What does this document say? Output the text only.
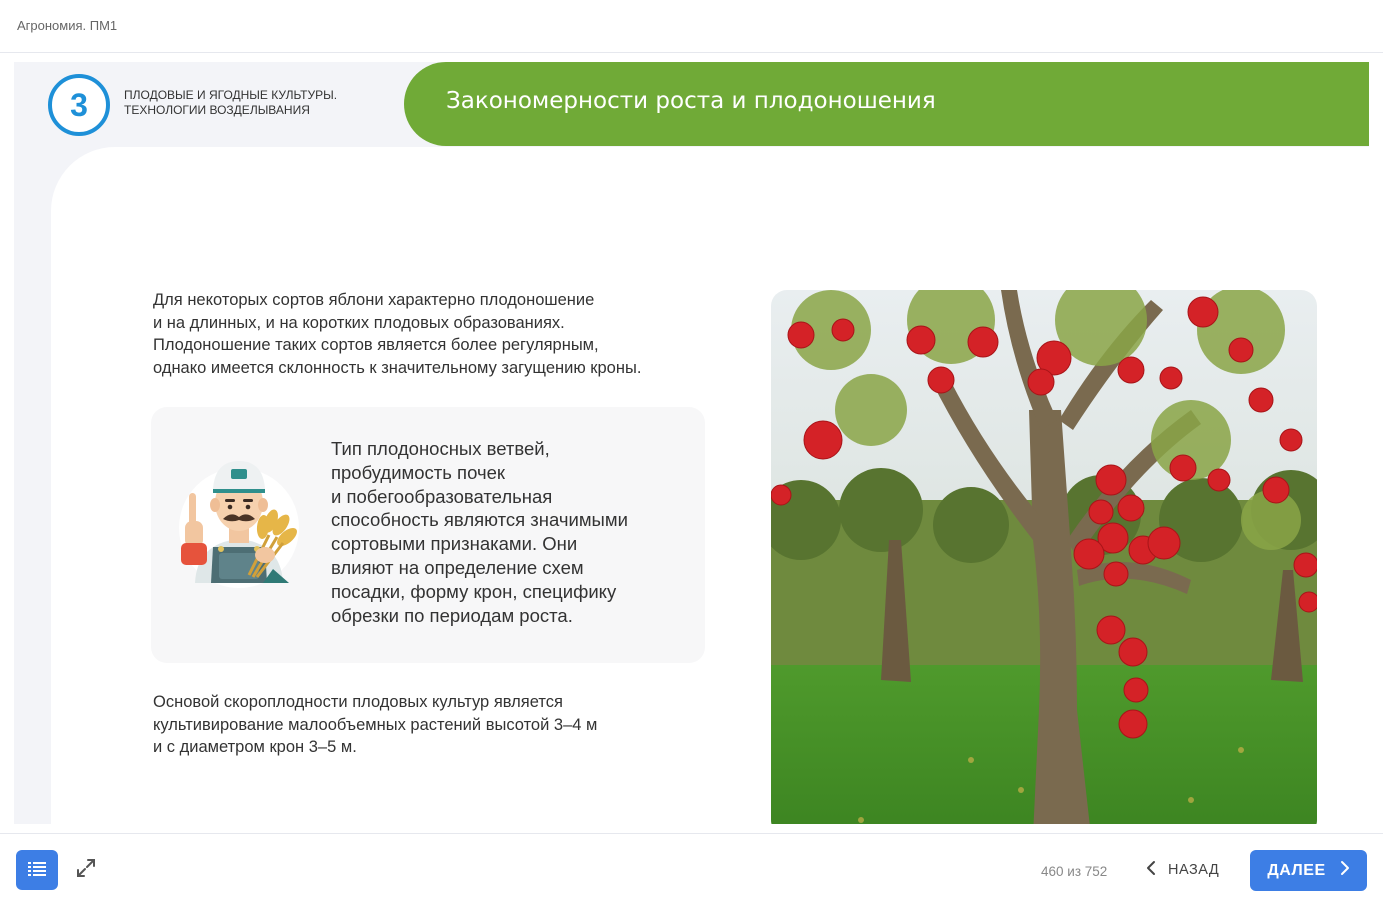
Агрономия. ПМ1
3	ПЛОДОВЫЕ И ЯГОДНЫЕ КУЛЬТУРЫ.
ТЕХНОЛОГИИ ВОЗДЕЛЫВАНИЯ	Закономерности роста и плодоношения
Для некоторых сортов яблони характерно плодоношение
и на длинных, и на коротких плодовых образованиях.
Плодоношение таких сортов является более регулярным,
однако имеется склонность к значительному загущению кроны.
Тип плодоносных ветвей,
пробудимость почек
и побегообразовательная
способность являются значимыми
сортовыми признаками. Они
влияют на определение схем
посадки, форму крон, специфику
обрезки по периодам роста.
Основой скороплодности плодовых культур является
культивирование малообъемных растений высотой 3–4 м
и с диаметром крон 3–5 м.
460 из 752	НАЗАД	ДАЛЕЕ
